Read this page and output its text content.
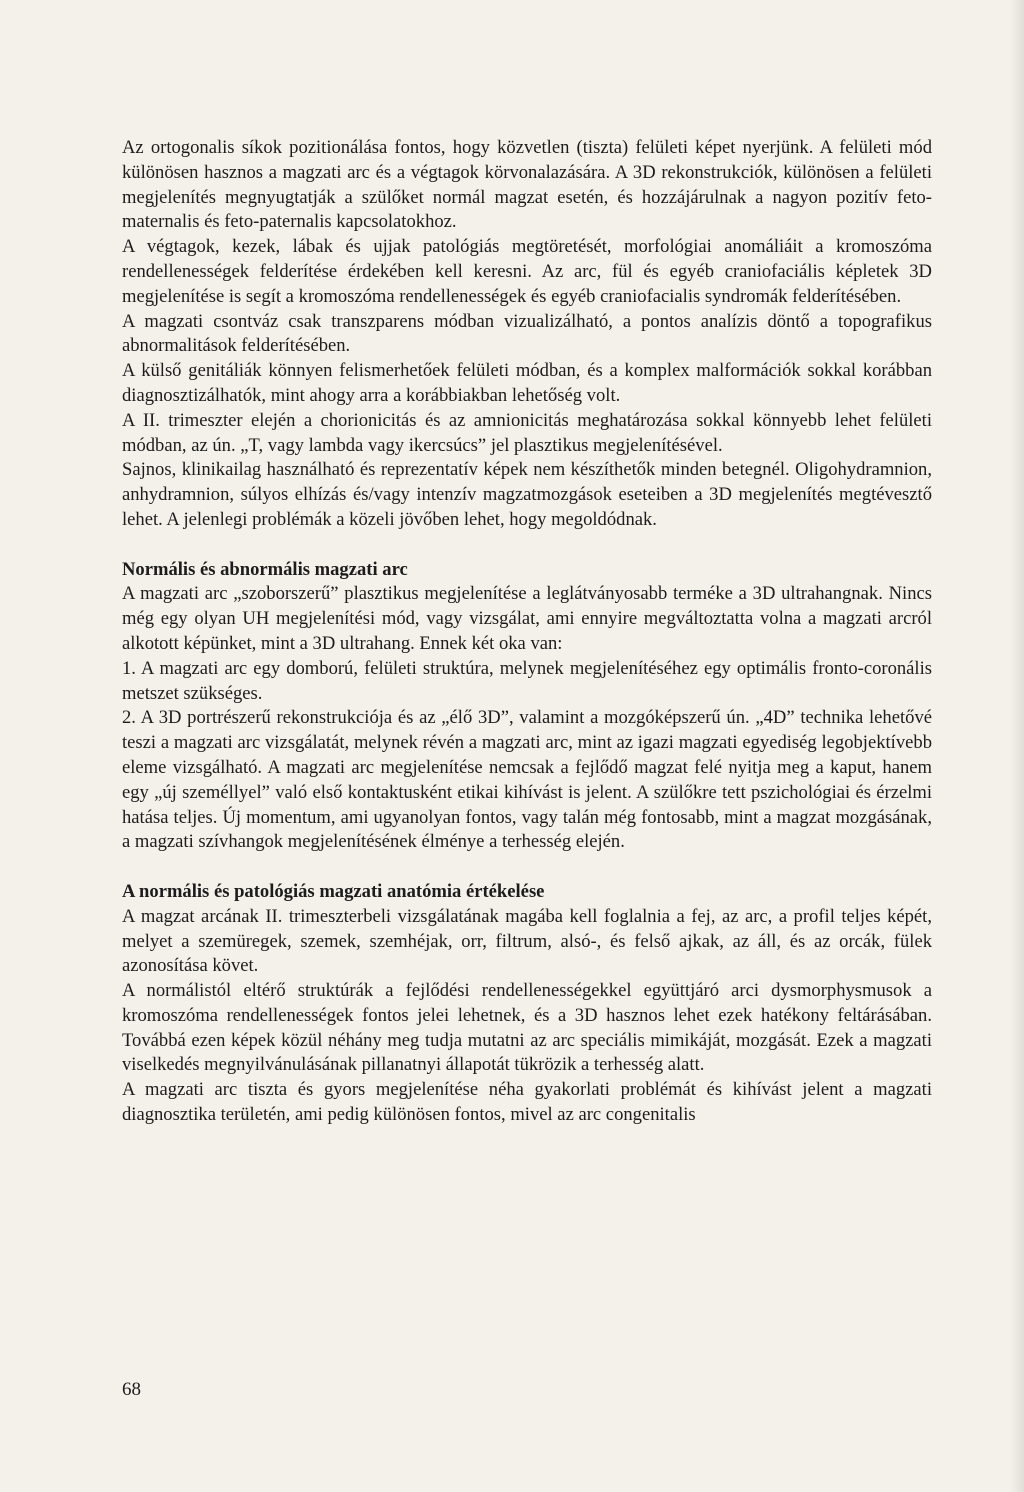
Az ortogonalis síkok pozitionálása fontos, hogy közvetlen (tiszta) felületi képet nyerjünk. A felületi mód különösen hasznos a magzati arc és a végtagok körvonalazására. A 3D rekonstrukciók, különösen a felületi megjelenítés megnyugtatják a szülőket normál magzat esetén, és hozzájárulnak a nagyon pozitív feto-maternalis és feto-paternalis kapcsolatokhoz.

A végtagok, kezek, lábak és ujjak patológiás megtöretését, morfológiai anomáliáit a kromoszóma rendellenességek felderítése érdekében kell keresni. Az arc, fül és egyéb craniofaciális képletek 3D megjelenítése is segít a kromoszóma rendellenességek és egyéb craniofacialis syndromák felderítésében.

A magzati csontváz csak transzparens módban vizualizálható, a pontos analízis döntő a topografikus abnormalitások felderítésében.

A külső genitáliák könnyen felismerhetőek felületi módban, és a komplex malformációk sokkal korábban diagnosztizálhatók, mint ahogy arra a korábbiakban lehetőség volt.

A II. trimeszter elején a chorionicitás és az amnionicitás meghatározása sokkal könnyebb lehet felületi módban, az ún. „T, vagy lambda vagy ikercsúcs” jel plasztikus megjelenítésével.

Sajnos, klinikailag használható és reprezentatív képek nem készíthetők minden betegnél. Oligohydramnion, anhydramnion, súlyos elhízás és/vagy intenzív magzatmozgások eseteiben a 3D megjelenítés megtévesztő lehet. A jelenlegi problémák a közeli jövőben lehet, hogy megoldódnak.

Normális és abnormális magzati arc

A magzati arc „szoborszerű” plasztikus megjelenítése a leglátványosabb terméke a 3D ultrahangnak. Nincs még egy olyan UH megjelenítési mód, vagy vizsgálat, ami ennyire megváltoztatta volna a magzati arcról alkotott képünket, mint a 3D ultrahang. Ennek két oka van:

1. A magzati arc egy domború, felületi struktúra, melynek megjelenítéséhez egy optimális fronto-coronális metszet szükséges.

2. A 3D portrészerű rekonstrukciója és az „élő 3D”, valamint a mozgóképszerű ún. „4D” technika lehetővé teszi a magzati arc vizsgálatát, melynek révén a magzati arc, mint az igazi magzati egyediség legobjektívebb eleme vizsgálható. A magzati arc megjelenítése nemcsak a fejlődő magzat felé nyitja meg a kaput, hanem egy „új személlyel” való első kontaktusként etikai kihívást is jelent. A szülőkre tett pszichológiai és érzelmi hatása teljes. Új momentum, ami ugyanolyan fontos, vagy talán még fontosabb, mint a magzat mozgásának, a magzati szívhangok megjelenítésének élménye a terhesség elején.

A normális és patológiás magzati anatómia értékelése

A magzat arcának II. trimeszterbeli vizsgálatának magába kell foglalnia a fej, az arc, a profil teljes képét, melyet a szemüregek, szemek, szemhéjak, orr, filtrum, alsó-, és felső ajkak, az áll, és az orcák, fülek azonosítása követ.

A normálistól eltérő struktúrák a fejlődési rendellenességekkel együttjáró arci dysmorphysmusok a kromoszóma rendellenességek fontos jelei lehetnek, és a 3D hasznos lehet ezek hatékony feltárásában. Továbbá ezen képek közül néhány meg tudja mutatni az arc speciális mimikáját, mozgását. Ezek a magzati viselkedés megnyilvánulásának pillanatnyi állapotát tükrözik a terhesség alatt.

A magzati arc tiszta és gyors megjelenítése néha gyakorlati problémát és kihívást jelent a magzati diagnosztika területén, ami pedig különösen fontos, mivel az arc congenitalis

68
